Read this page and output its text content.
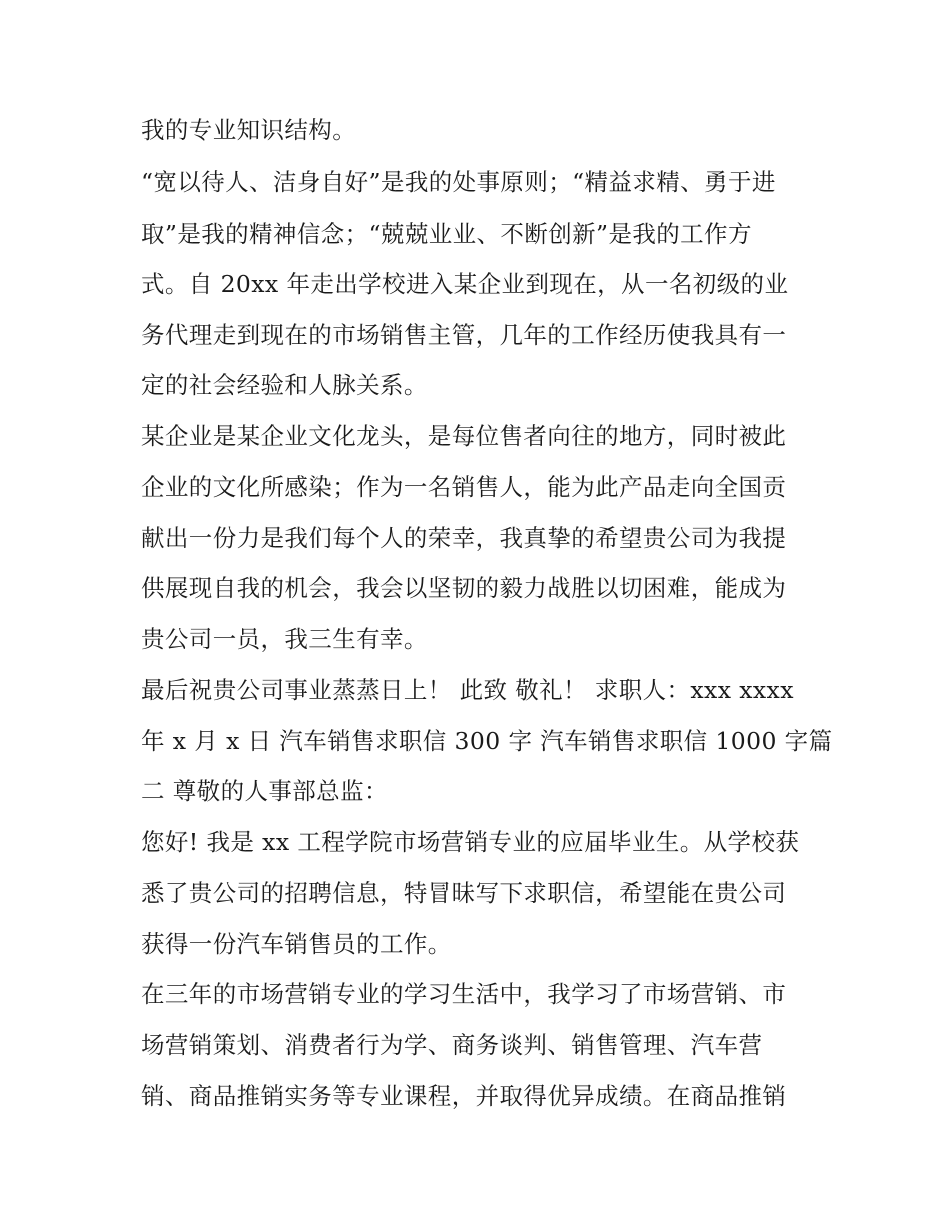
我的专业知识结构。
“宽以待人、洁身自好”是我的处事原则；“精益求精、勇于进
取”是我的精神信念；“兢兢业业、不断创新”是我的工作方
式。自 20xx 年走出学校进入某企业到现在，从一名初级的业
务代理走到现在的市场销售主管，几年的工作经历使我具有一
定的社会经验和人脉关系。
某企业是某企业文化龙头，是每位售者向往的地方，同时被此
企业的文化所感染；作为一名销售人，能为此产品走向全国贡
献出一份力是我们每个人的荣幸，我真挚的希望贵公司为我提
供展现自我的机会，我会以坚韧的毅力战胜以切困难，能成为
贵公司一员，我三生有幸。
最后祝贵公司事业蒸蒸日上！ 此致 敬礼！ 求职人：xxx xxxx
年 x 月 x 日 汽车销售求职信 300 字 汽车销售求职信 1000 字篇
二 尊敬的人事部总监：
您好! 我是 xx 工程学院市场营销专业的应届毕业生。从学校获
悉了贵公司的招聘信息，特冒昧写下求职信，希望能在贵公司
获得一份汽车销售员的工作。
在三年的市场营销专业的学习生活中，我学习了市场营销、市
场营销策划、消费者行为学、商务谈判、销售管理、汽车营
销、商品推销实务等专业课程，并取得优异成绩。在商品推销
